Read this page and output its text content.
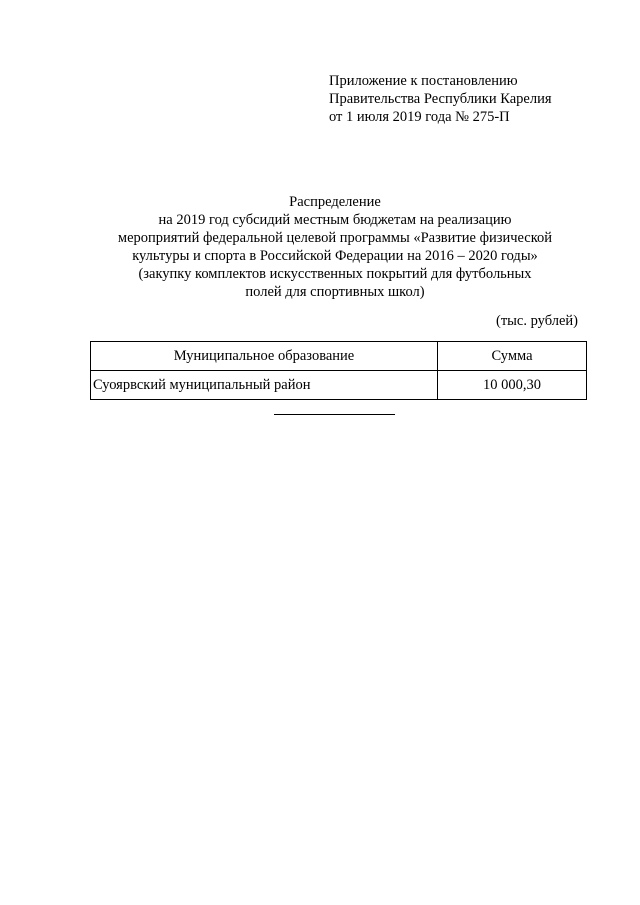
Приложение к постановлению
Правительства Республики Карелия
от 1 июля 2019 года № 275-П
Распределение
на 2019 год субсидий местным бюджетам на реализацию
мероприятий федеральной целевой программы «Развитие физической
культуры и спорта в Российской Федерации на 2016 – 2020 годы»
(закупку комплектов искусственных покрытий для футбольных
полей для спортивных школ)
(тыс. рублей)
Муниципальное образование	Сумма
Суоярвский муниципальный район	10 000,30
